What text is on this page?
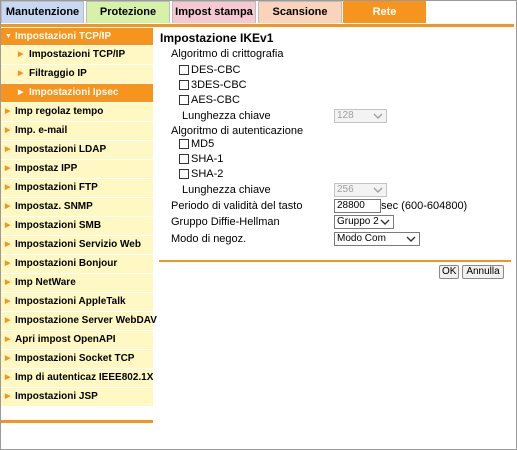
Manutenzione	Protezione	Impost stampa	Scansione	Rete
▼ Impostazioni TCP/IP
▶ Impostazioni TCP/IP
▶ Filtraggio IP
▶ Impostazioni Ipsec
▶ Imp regolaz tempo
▶ Imp. e-mail
▶ Impostazioni LDAP
▶ Impostaz IPP
▶ Impostazioni FTP
▶ Impostaz. SNMP
▶ Impostazioni SMB
▶ Impostazioni Servizio Web
▶ Impostazioni Bonjour
▶ Imp NetWare
▶ Impostazioni AppleTalk
▶ Impostazione Server WebDAV
▶ Apri impost OpenAPI
▶ Impostazioni Socket TCP
▶ Imp di autenticaz IEEE802.1X
▶ Impostazioni JSP
Impostazione IKEv1
Algoritmo di crittografia
DES-CBC
3DES-CBC
AES-CBC
Lunghezza chiave	128
Algoritmo di autenticazione
MD5
SHA-1
SHA-2
Lunghezza chiave	256
Periodo di validità del tasto	28800	sec (600-604800)
Gruppo Diffie-Hellman	Gruppo 2
Modo di negoz.	Modo Com
OK Annulla
